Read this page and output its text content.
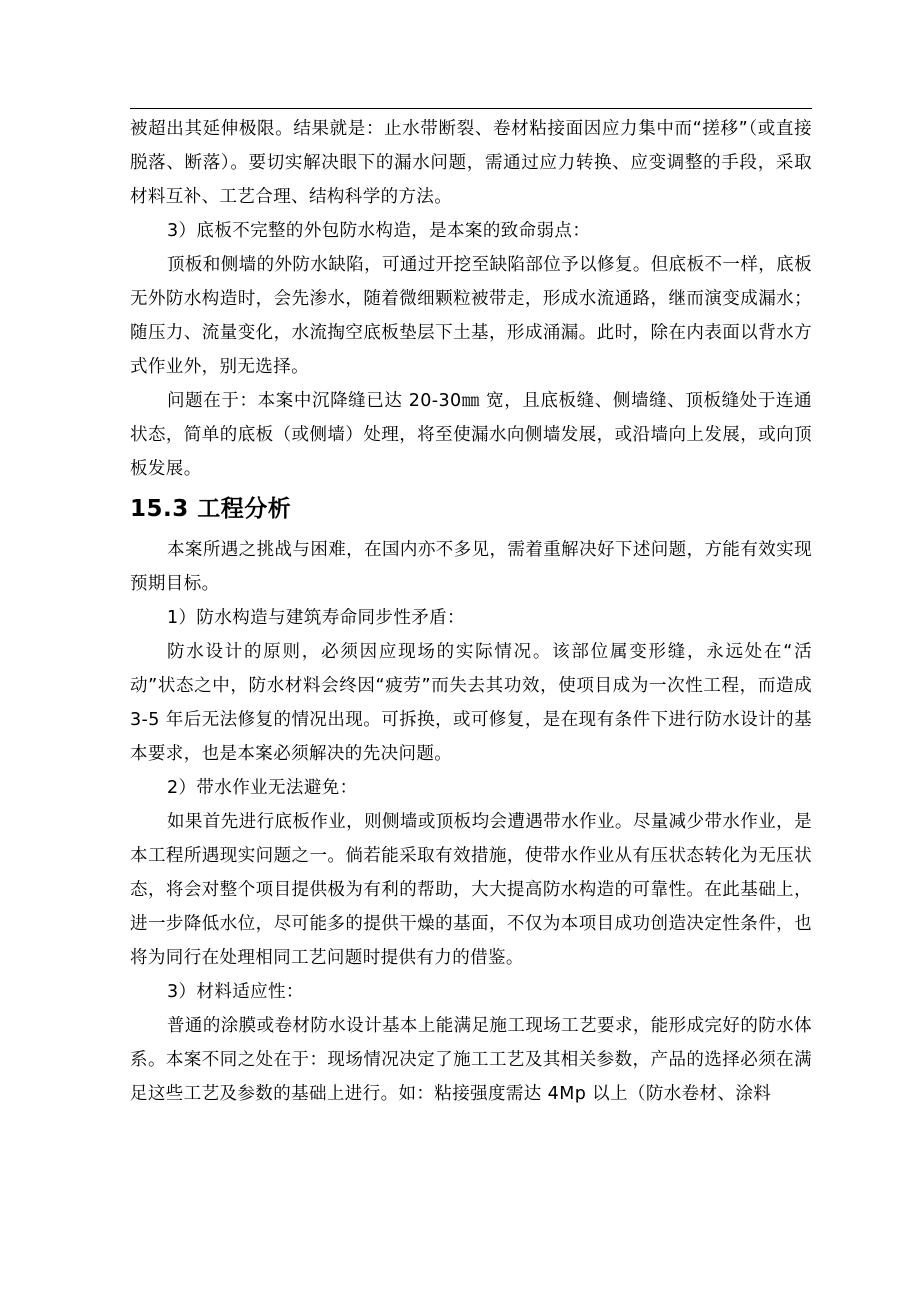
被超出其延伸极限。结果就是：止水带断裂、卷材粘接面因应力集中而“搓移”（或直接脱落、断落）。要切实解决眼下的漏水问题，需通过应力转换、应变调整的手段，采取材料互补、工艺合理、结构科学的方法。

3）底板不完整的外包防水构造，是本案的致命弱点：

顶板和侧墙的外防水缺陷，可通过开挖至缺陷部位予以修复。但底板不一样，底板无外防水构造时，会先渗水，随着微细颗粒被带走，形成水流通路，继而演变成漏水；随压力、流量变化，水流掏空底板垫层下土基，形成涌漏。此时，除在内表面以背水方式作业外，别无选择。

问题在于：本案中沉降缝已达 20-30㎜ 宽，且底板缝、侧墙缝、顶板缝处于连通状态，简单的底板（或侧墙）处理，将至使漏水向侧墙发展，或沿墙向上发展，或向顶板发展。

15.3 工程分析

本案所遇之挑战与困难，在国内亦不多见，需着重解决好下述问题，方能有效实现预期目标。

1）防水构造与建筑寿命同步性矛盾：

防水设计的原则，必须因应现场的实际情况。该部位属变形缝，永远处在“活动”状态之中，防水材料会终因“疲劳”而失去其功效，使项目成为一次性工程，而造成3-5 年后无法修复的情况出现。可拆换，或可修复，是在现有条件下进行防水设计的基本要求，也是本案必须解决的先决问题。

2）带水作业无法避免：

如果首先进行底板作业，则侧墙或顶板均会遭遇带水作业。尽量减少带水作业，是本工程所遇现实问题之一。倘若能采取有效措施，使带水作业从有压状态转化为无压状态，将会对整个项目提供极为有利的帮助，大大提高防水构造的可靠性。在此基础上，进一步降低水位，尽可能多的提供干燥的基面，不仅为本项目成功创造决定性条件，也将为同行在处理相同工艺问题时提供有力的借鉴。

3）材料适应性：

普通的涂膜或卷材防水设计基本上能满足施工现场工艺要求，能形成完好的防水体系。本案不同之处在于：现场情况决定了施工工艺及其相关参数，产品的选择必须在满足这些工艺及参数的基础上进行。如：粘接强度需达 4Mp 以上（防水卷材、涂料
